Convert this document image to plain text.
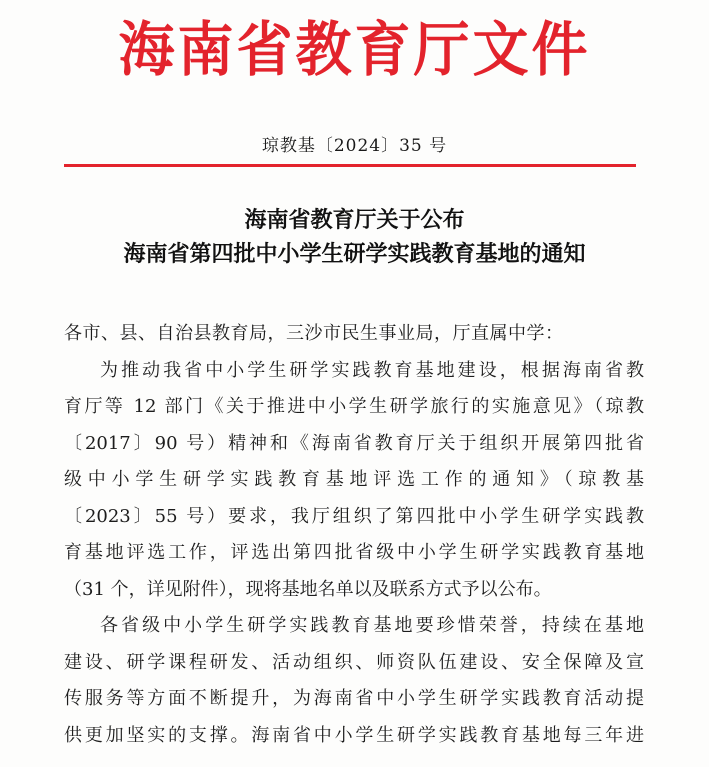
海南省教育厅文件
琼教基〔2024〕35 号
海南省教育厅关于公布
海南省第四批中小学生研学实践教育基地的通知
各市、县、自治县教育局，三沙市民生事业局，厅直属中学：
为推动我省中小学生研学实践教育基地建设，根据海南省教
育厅等 12 部门《关于推进中小学生研学旅行的实施意见》（琼教
〔2017〕90 号）精神和《海南省教育厅关于组织开展第四批省
级中小学生研学实践教育基地评选工作的通知》（琼教基
〔2023〕55 号）要求，我厅组织了第四批中小学生研学实践教
育基地评选工作，评选出第四批省级中小学生研学实践教育基地
（31 个，详见附件），现将基地名单以及联系方式予以公布。
各省级中小学生研学实践教育基地要珍惜荣誉，持续在基地
建设、研学课程研发、活动组织、师资队伍建设、安全保障及宣
传服务等方面不断提升，为海南省中小学生研学实践教育活动提
供更加坚实的支撑。海南省中小学生研学实践教育基地每三年进
